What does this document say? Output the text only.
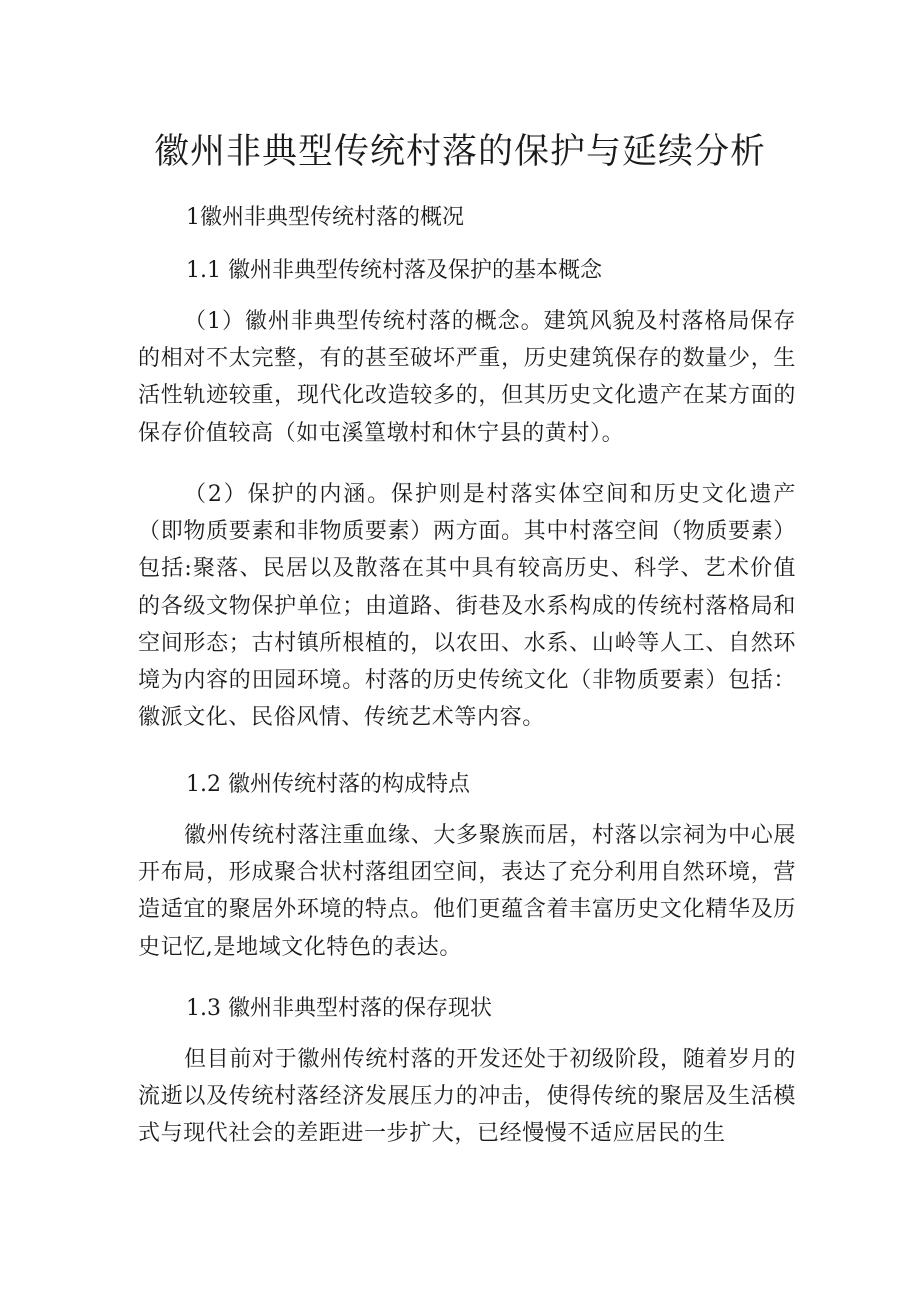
徽州非典型传统村落的保护与延续分析

1徽州非典型传统村落的概况

1.1 徽州非典型传统村落及保护的基本概念

（1）徽州非典型传统村落的概念。建筑风貌及村落格局保存的相对不太完整，有的甚至破坏严重，历史建筑保存的数量少，生活性轨迹较重，现代化改造较多的，但其历史文化遗产在某方面的保存价值较高（如屯溪篁墩村和休宁县的黄村）。

（2）保护的内涵。保护则是村落实体空间和历史文化遗产（即物质要素和非物质要素）两方面。其中村落空间（物质要素）包括:聚落、民居以及散落在其中具有较高历史、科学、艺术价值的各级文物保护单位；由道路、街巷及水系构成的传统村落格局和空间形态；古村镇所根植的，以农田、水系、山岭等人工、自然环境为内容的田园环境。村落的历史传统文化（非物质要素）包括：徽派文化、民俗风情、传统艺术等内容。

1.2 徽州传统村落的构成特点

徽州传统村落注重血缘、大多聚族而居，村落以宗祠为中心展开布局，形成聚合状村落组团空间，表达了充分利用自然环境，营造适宜的聚居外环境的特点。他们更蕴含着丰富历史文化精华及历史记忆,是地域文化特色的表达。

1.3 徽州非典型村落的保存现状

但目前对于徽州传统村落的开发还处于初级阶段，随着岁月的流逝以及传统村落经济发展压力的冲击，使得传统的聚居及生活模式与现代社会的差距进一步扩大，已经慢慢不适应居民的生
